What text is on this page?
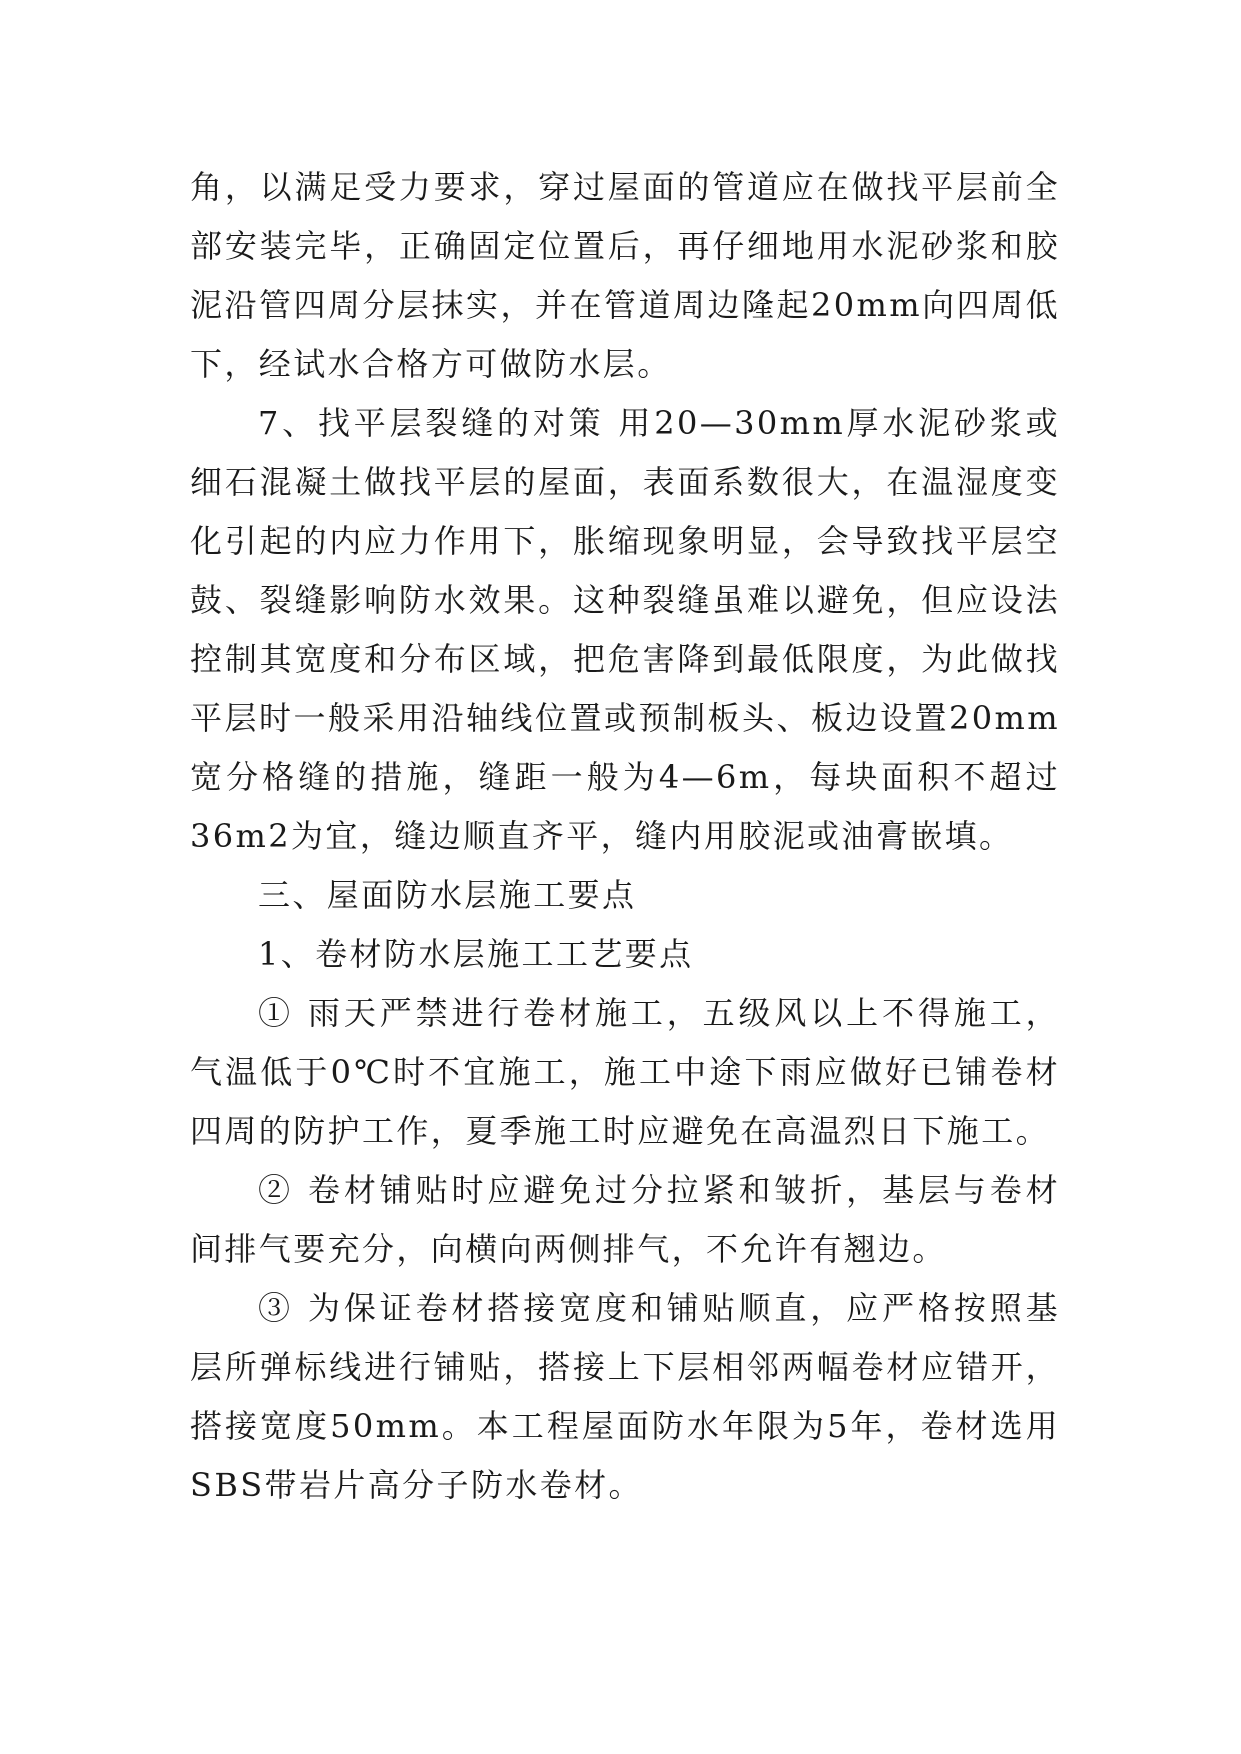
角，以满足受力要求，穿过屋面的管道应在做找平层前全部安装完毕，正确固定位置后，再仔细地用水泥砂浆和胶泥沿管四周分层抹实，并在管道周边隆起20mm向四周低下，经试水合格方可做防水层。

7、找平层裂缝的对策 用20—30mm厚水泥砂浆或细石混凝土做找平层的屋面，表面系数很大，在温湿度变化引起的内应力作用下，胀缩现象明显，会导致找平层空鼓、裂缝影响防水效果。这种裂缝虽难以避免，但应设法控制其宽度和分布区域，把危害降到最低限度，为此做找平层时一般采用沿轴线位置或预制板头、板边设置20mm宽分格缝的措施，缝距一般为4—6m，每块面积不超过36m2为宜，缝边顺直齐平，缝内用胶泥或油膏嵌填。

三、屋面防水层施工要点

1、卷材防水层施工工艺要点

① 雨天严禁进行卷材施工，五级风以上不得施工，气温低于0℃时不宜施工，施工中途下雨应做好已铺卷材四周的防护工作，夏季施工时应避免在高温烈日下施工。

② 卷材铺贴时应避免过分拉紧和皱折，基层与卷材间排气要充分，向横向两侧排气，不允许有翘边。

③ 为保证卷材搭接宽度和铺贴顺直，应严格按照基层所弹标线进行铺贴，搭接上下层相邻两幅卷材应错开，搭接宽度50mm。本工程屋面防水年限为5年，卷材选用SBS带岩片高分子防水卷材。
